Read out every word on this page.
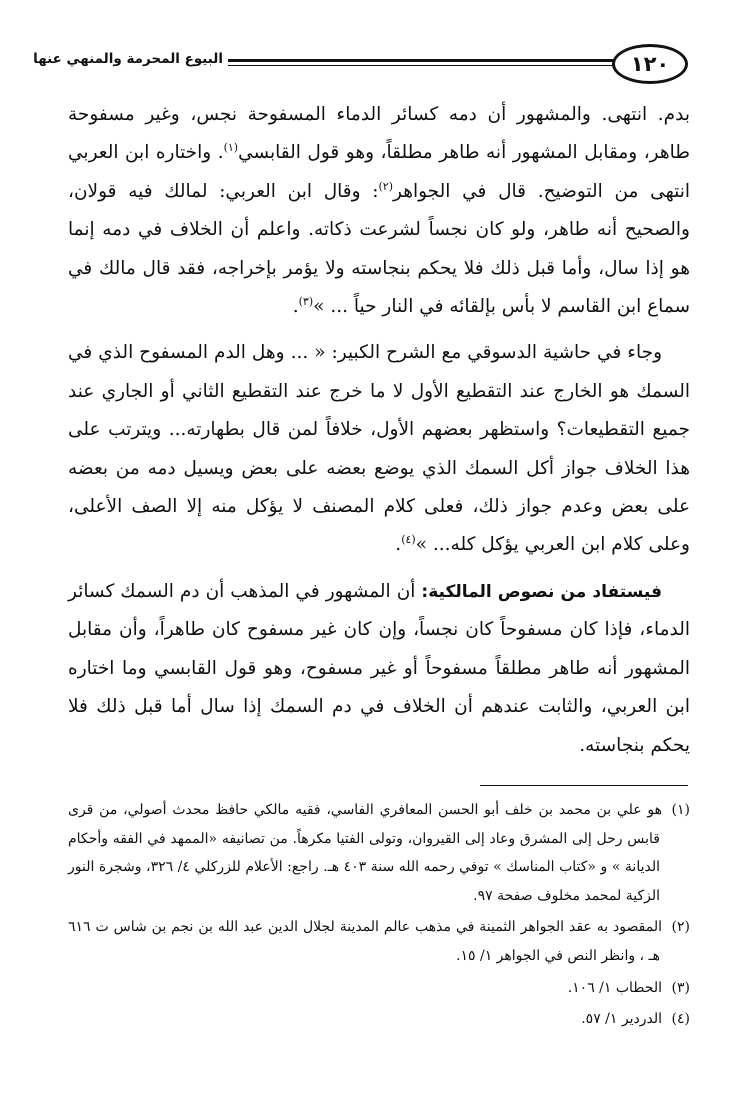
١٢٠
البيوع المحرمة والمنهي عنها

بدم. انتهى. والمشهور أن دمه كسائر الدماء المسفوحة نجس، وغير مسفوحة طاهر، ومقابل المشهور أنه طاهر مطلقاً، وهو قول القابسي$^{(١)}$. واختاره ابن العربي انتهى من التوضيح. قال في الجواهر$^{(٢)}$: وقال ابن العربي: لمالك فيه قولان، والصحيح أنه طاهر، ولو كان نجساً لشرعت ذكاته. واعلم أن الخلاف في دمه إنما هو إذا سال، وأما قبل ذلك فلا يحكم بنجاسته ولا يؤمر بإخراجه، فقد قال مالك في سماع ابن القاسم لا بأس بإلقائه في النار حياً ... »$^{(٣)}$.

وجاء في حاشية الدسوقي مع الشرح الكبير: « ... وهل الدم المسفوح الذي في السمك هو الخارج عند التقطيع الأول لا ما خرج عند التقطيع الثاني أو الجاري عند جميع التقطيعات؟ واستظهر بعضهم الأول، خلافاً لمن قال بطهارته... ويترتب على هذا الخلاف جواز أكل السمك الذي يوضع بعضه على بعض ويسيل دمه من بعضه على بعض وعدم جواز ذلك، فعلى كلام المصنف لا يؤكل منه إلا الصف الأعلى، وعلى كلام ابن العربي يؤكل كله... »$^{(٤)}$.

فيستفاد من نصوص المالكية: أن المشهور في المذهب أن دم السمك كسائر الدماء، فإذا كان مسفوحاً كان نجساً، وإن كان غير مسفوح كان طاهراً، وأن مقابل المشهور أنه طاهر مطلقاً مسفوحاً أو غير مسفوح، وهو قول القابسي وما اختاره ابن العربي، والثابت عندهم أن الخلاف في دم السمك إذا سال أما قبل ذلك فلا يحكم بنجاسته.

(١)هو علي بن محمد بن خلف أبو الحسن المعافري الفاسي، فقيه مالكي حافظ محدث أصولي، من قرى قابس رحل إلى المشرق وعاد إلى القيروان، وتولى الفتيا مكرهاً. من تصانيفه «الممهد في الفقه وأحكام الديانة » و «كتاب المناسك » توفي رحمه الله سنة ٤٠٣ هـ. راجع: الأعلام للزركلي ٤/ ٣٢٦، وشجرة النور الزكية لمحمد مخلوف صفحة ٩٧.
(٢)المقصود به عقد الجواهر الثمينة في مذهب عالم المدينة لجلال الدين عبد الله بن نجم بن شاس ت ٦١٦ هـ ، وانظر النص في الجواهر ١/ ١٥.
(٣)الحطاب ١/ ١٠٦.
(٤)الدردير ١/ ٥٧.
